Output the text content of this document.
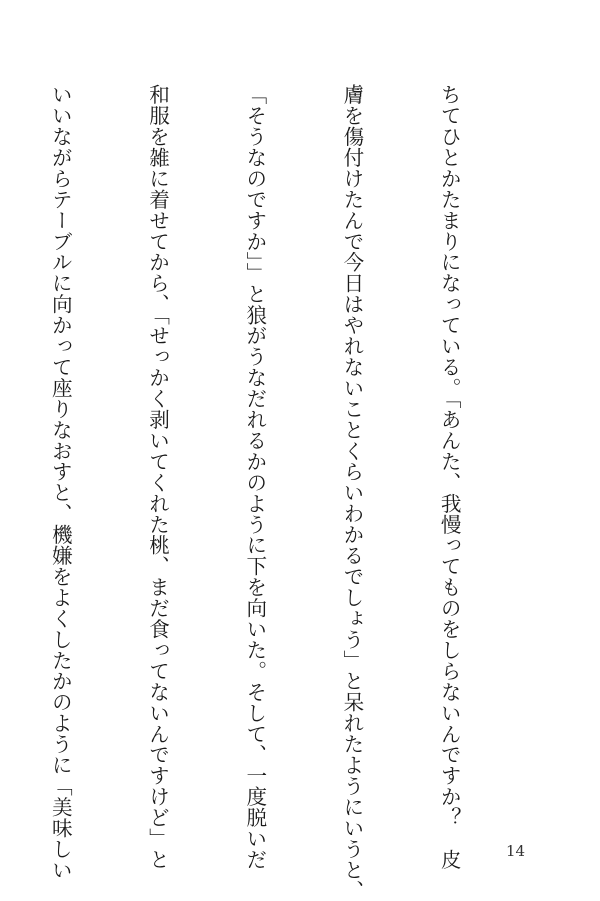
ちてひとかたまりになっている。「あんた、我慢ってものをしらないんですか？　皮

膚を傷付けたんで今日はやれないことくらいわかるでしょう」と呆れたようにいうと、

「そうなのですか」」と狼がうなだれるかのように下を向いた。そして、一度脱いだ

和服を雑に着せてから、「せっかく剥いてくれた桃、まだ食ってないんですけど」と

いいながらテーブルに向かって座りなおすと、機嫌をよくしたかのように「美味しい

	14
